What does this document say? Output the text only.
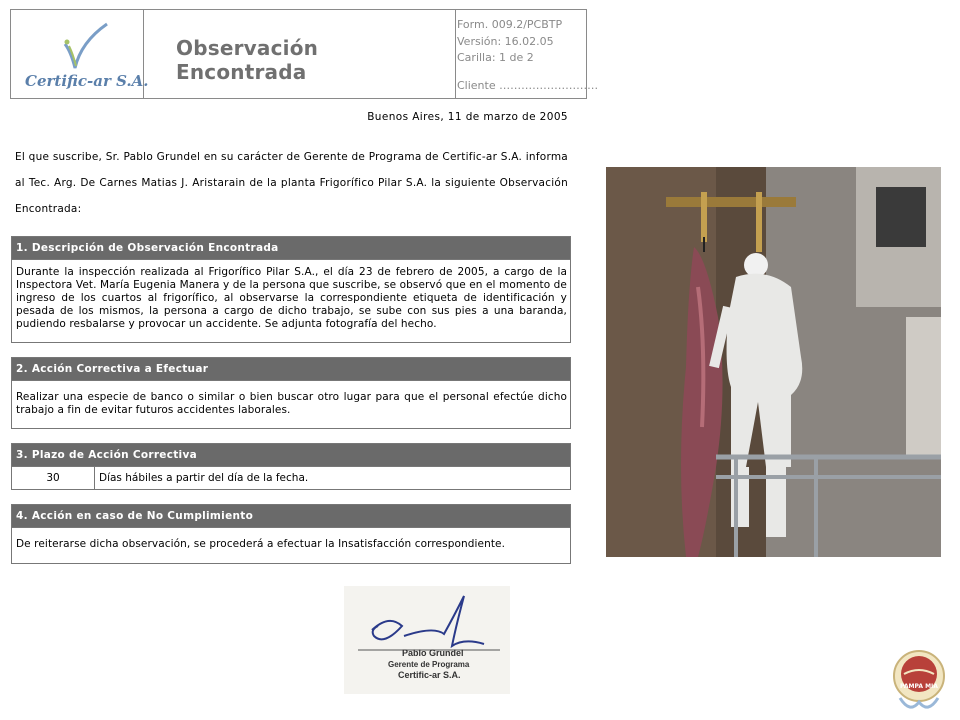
Certific-ar S.A.
Observación Encontrada
Form. 009.2/PCBTP
Versión: 16.02.05
Carilla: 1 de 2
Cliente ………………………
Buenos Aires, 11 de marzo de 2005
El que suscribe, Sr. Pablo Grundel en su carácter de Gerente de Programa de Certific-ar S.A. informa al Tec. Arg. De Carnes Matias J. Aristarain de la planta Frigorífico Pilar S.A. la siguiente Observación Encontrada:
1. Descripción de Observación Encontrada
Durante la inspección realizada al Frigorífico Pilar S.A., el día 23 de febrero de 2005, a cargo de la Inspectora Vet. María Eugenia Manera y de la persona que suscribe, se observó que en el momento de ingreso de los cuartos al frigorífico, al observarse la correspondiente etiqueta de identificación y pesada de los mismos, la persona a cargo de dicho trabajo, se sube con sus pies a una baranda, pudiendo resbalarse y provocar un accidente. Se adjunta fotografía del hecho.
2. Acción Correctiva a Efectuar
Realizar una especie de banco o similar o bien buscar otro lugar para que el personal efectúe dicho trabajo a fin de evitar futuros accidentes laborales.
3. Plazo de Acción Correctiva
30	Días hábiles a partir del día de la fecha.
4. Acción en caso de No Cumplimiento
De reiterarse dicha observación, se procederá a efectuar la Insatisfacción correspondiente.
Pablo Grundel
Gerente de Programa
Certific-ar S.A.
PAMPA MIA
